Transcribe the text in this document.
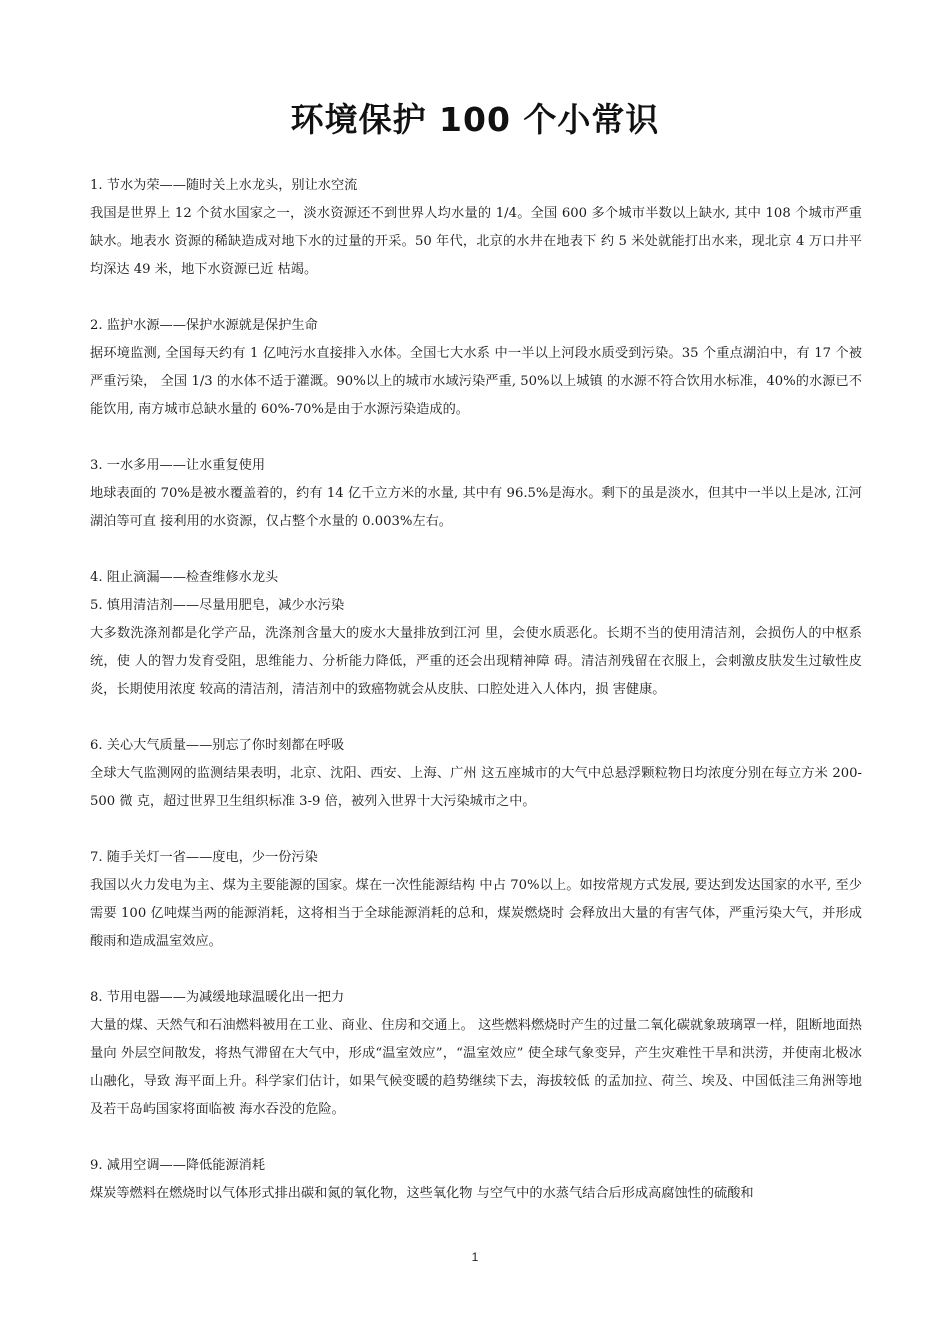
环境保护 100 个小常识

1. 节水为荣——随时关上水龙头，别让水空流

我国是世界上 12 个贫水国家之一，淡水资源还不到世界人均水量的 1/4。全国 600 多个城市半数以上缺水, 其中 108 个城市严重缺水。地表水 资源的稀缺造成对地下水的过量的开采。50 年代，北京的水井在地表下 约 5 米处就能打出水来，现北京 4 万口井平均深达 49 米，地下水资源已近 枯竭。

2. 监护水源——保护水源就是保护生命

据环境监测, 全国每天约有 1 亿吨污水直接排入水体。全国七大水系 中一半以上河段水质受到污染。35 个重点湖泊中，有 17 个被严重污染， 全国 1/3 的水体不适于灌溉。90%以上的城市水域污染严重, 50%以上城镇 的水源不符合饮用水标准，40%的水源已不能饮用, 南方城市总缺水量的 60%-70%是由于水源污染造成的。

3. 一水多用——让水重复使用

地球表面的 70%是被水覆盖着的，约有 14 亿千立方米的水量, 其中有 96.5%是海水。剩下的虽是淡水，但其中一半以上是冰, 江河湖泊等可直 接利用的水资源，仅占整个水量的 0.003%左右。

4. 阻止滴漏——检查维修水龙头

5. 慎用清洁剂——尽量用肥皂，减少水污染

大多数洗涤剂都是化学产品，洗涤剂含量大的废水大量排放到江河 里，会使水质恶化。长期不当的使用清洁剂，会损伤人的中枢系统，使 人的智力发育受阻，思维能力、分析能力降低，严重的还会出现精神障 碍。清洁剂残留在衣服上，会刺激皮肤发生过敏性皮炎，长期使用浓度 较高的清洁剂，清洁剂中的致癌物就会从皮肤、口腔处进入人体内，损 害健康。

6. 关心大气质量——别忘了你时刻都在呼吸

全球大气监测网的监测结果表明，北京、沈阳、西安、上海、广州 这五座城市的大气中总悬浮颗粒物日均浓度分别在每立方米 200-500 微 克，超过世界卫生组织标准 3-9 倍，被列入世界十大污染城市之中。

7. 随手关灯一省——度电，少一份污染

我国以火力发电为主、煤为主要能源的国家。煤在一次性能源结构 中占 70%以上。如按常规方式发展, 要达到发达国家的水平, 至少需要 100 亿吨煤当两的能源消耗，这将相当于全球能源消耗的总和，煤炭燃烧时 会释放出大量的有害气体，严重污染大气，并形成酸雨和造成温室效应。

8. 节用电器——为减缓地球温暖化出一把力

大量的煤、天然气和石油燃料被用在工业、商业、住房和交通上。 这些燃料燃烧时产生的过量二氧化碳就象玻璃罩一样，阻断地面热量向 外层空间散发，将热气滞留在大气中，形成“温室效应”，“温室效应” 使全球气象变异，产生灾难性干旱和洪涝，并使南北极冰山融化，导致 海平面上升。科学家们估计，如果气候变暖的趋势继续下去，海拔较低 的孟加拉、荷兰、埃及、中国低洼三角洲等地及若干岛屿国家将面临被 海水吞没的危险。

9. 减用空调——降低能源消耗

煤炭等燃料在燃烧时以气体形式排出碳和氮的氧化物，这些氧化物 与空气中的水蒸气结合后形成高腐蚀性的硫酸和

1
